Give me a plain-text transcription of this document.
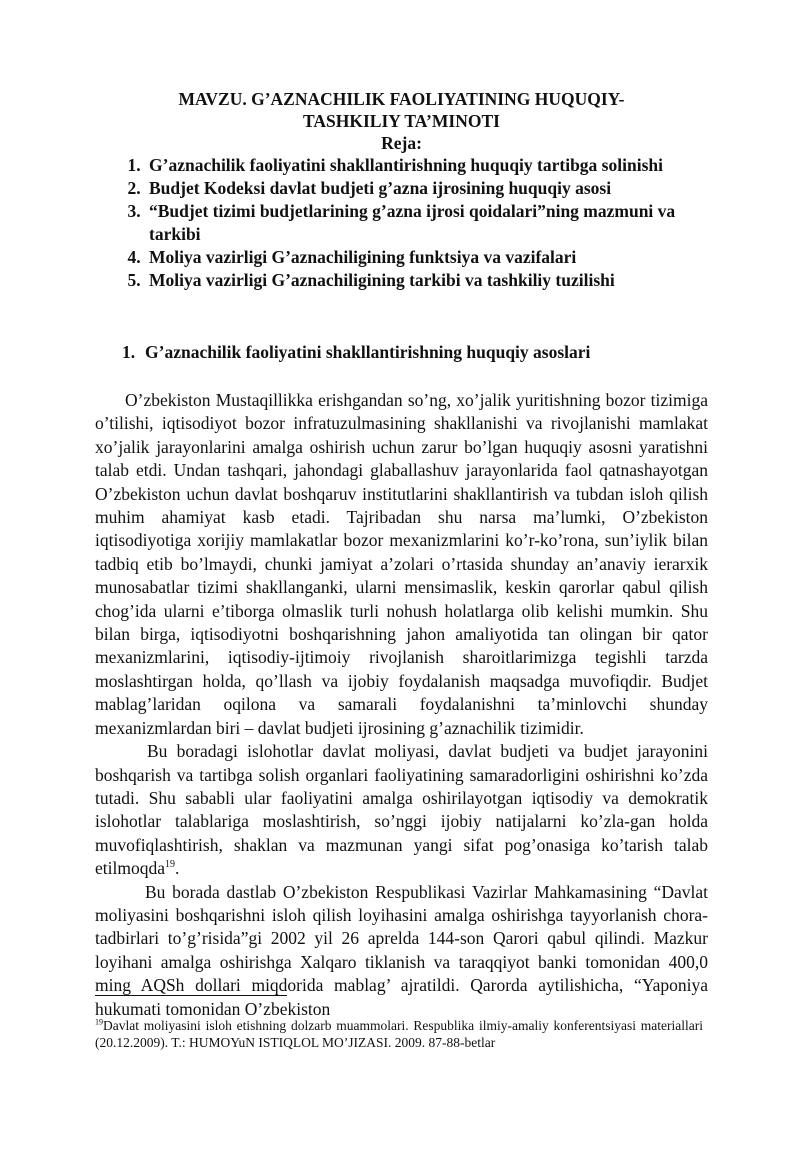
MAVZU. G’AZNACHILIK FAOLIYATINING HUQUQIY-
TASHKILIY TA’MINOTI

Reja:

1. G’aznachilik faoliyatini shakllantirishning huquqiy tartibga solinishi
2. Budjet Kodeksi davlat budjeti g’azna ijrosining huquqiy asosi
3. “Budjet tizimi budjetlarining g’azna ijrosi qoidalari”ning mazmuni va tarkibi
4. Moliya vazirligi G’aznachiligining funktsiya va vazifalari
5. Moliya vazirligi G’aznachiligining tarkibi va tashkiliy tuzilishi
1. G’aznachilik faoliyatini shakllantirishning huquqiy asoslari

O’zbekiston Mustaqillikka erishgandan so’ng, xo’jalik yuritishning bozor tizimiga o’tilishi, iqtisodiyot bozor infratuzulmasining shakllanishi va rivojlanishi mamlakat xo’jalik jarayonlarini amalga oshirish uchun zarur bo’lgan huquqiy asosni yaratishni talab etdi. Undan tashqari, jahondagi glaballashuv jarayonlarida faol qatnashayotgan O’zbekiston uchun davlat boshqaruv institutlarini shakllantirish va tubdan isloh qilish muhim ahamiyat kasb etadi. Tajribadan shu narsa ma’lumki, O’zbekiston iqtisodiyotiga xorijiy mamlakatlar bozor mexanizmlarini ko’r-ko’rona, sun’iylik bilan tadbiq etib bo’lmaydi, chunki jamiyat a’zolari o’rtasida shunday an’anaviy ierarxik munosabatlar tizimi shakllanganki, ularni mensimaslik, keskin qarorlar qabul qilish chog’ida ularni e’tiborga olmaslik turli nohush holatlarga olib kelishi mumkin. Shu bilan birga, iqtisodiyotni boshqarishning jahon amaliyotida tan olingan bir qator mexanizmlarini, iqtisodiy-ijtimoiy rivojlanish sharoitlarimizga tegishli tarzda moslashtirgan holda, qo’llash va ijobiy foydalanish maqsadga muvofiqdir. Budjet mablag’laridan oqilona va samarali foydalanishni ta’minlovchi shunday mexanizmlardan biri – davlat budjeti ijrosining g’aznachilik tizimidir.

Bu boradagi islohotlar davlat moliyasi, davlat budjeti va budjet jarayonini boshqarish va tartibga solish organlari faoliyatining samaradorligini oshirishni ko’zda tutadi. Shu sababli ular faoliyatini amalga oshirilayotgan iqtisodiy va demokratik islohotlar talablariga moslashtirish, so’nggi ijobiy natijalarni ko’zla-gan holda muvofiqlashtirish, shaklan va mazmunan yangi sifat pog’onasiga ko’tarish talab etilmoqda$^{19}$.

Bu borada dastlab O’zbekiston Respublikasi Vazirlar Mahkamasining “Davlat moliyasini boshqarishni isloh qilish loyihasini amalga oshirishga tayyorlanish chora-tadbirlari to’g’risida”gi 2002 yil 26 aprelda 144-son Qarori qabul qilindi. Mazkur loyihani amalga oshirishga Xalqaro tiklanish va taraqqiyot banki tomonidan 400,0 ming AQSh dollari miqdorida mablag’ ajratildi. Qarorda aytilishicha, “Yaponiya hukumati tomonidan O’zbekiston

$^{19}$Davlat moliyasini isloh etishning dolzarb muammolari. Respublika ilmiy-amaliy konferentsiyasi materiallari (20.12.2009). T.: HUMOYuN ISTIQLOL MO’JIZASI. 2009. 87-88-betlar
